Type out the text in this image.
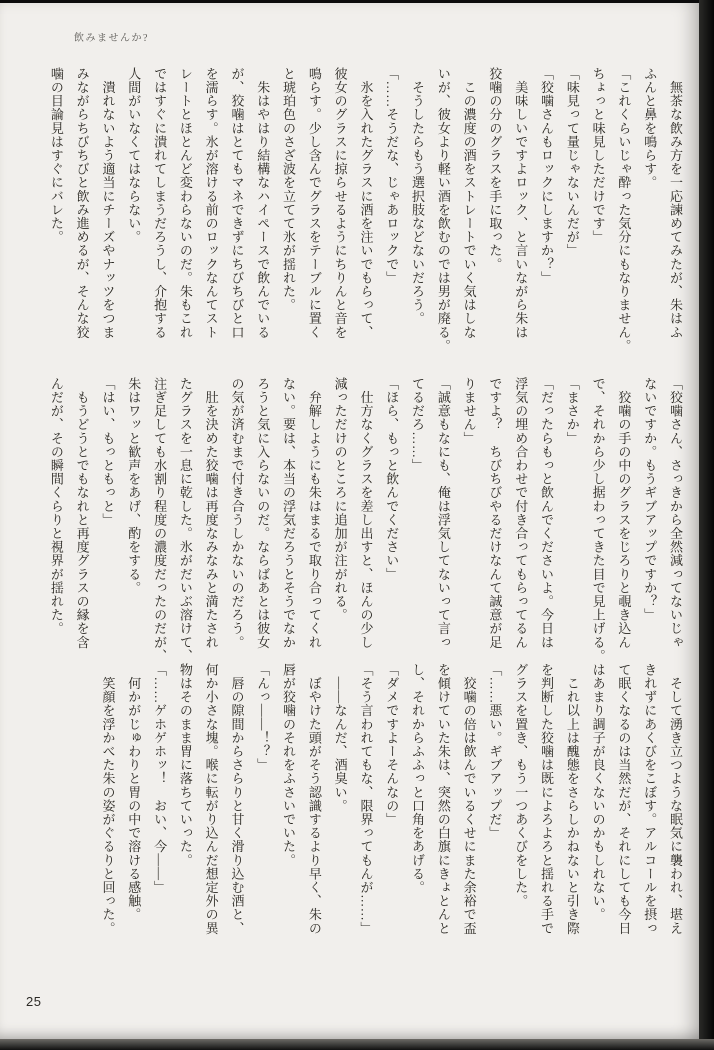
飲みませんか?

　無茶な飲み方を一応諫めてみたが、朱はふ

ふんと鼻を鳴らす。

「これくらいじゃ酔った気分にもなりません。

ちょっと味見しただけです」

「味見って量じゃないんだが」

「狡噛さんもロックにしますか？」

　美味しいですよロック、と言いながら朱は

狡噛の分のグラスを手に取った。

　この濃度の酒をストレートでいく気はしな

いが、彼女より軽い酒を飲むのでは男が廃る。

　そうしたらもう選択肢などないだろう。

「……そうだな、じゃあロックで」

　氷を入れたグラスに酒を注いでもらって、

彼女のグラスに掠らせるようにちりんと音を

鳴らす。少し含んでグラスをテーブルに置く

と琥珀色のさざ波を立てて氷が揺れた。

　朱はやはり結構なハイペースで飲んでいる

が、狡噛はとてもマネできずにちびちびと口

を濡らす。氷が溶ける前のロックなんてスト

レートとほとんど変わらないのだ。朱もこれ

ではすぐに潰れてしまうだろうし、介抱する

人間がいなくてはならない。

　潰れないよう適当にチーズやナッツをつま

みながらちびちびと飲み進めるが、そんな狡

噛の目論見はすぐにバレた。

「狡噛さん、さっきから全然減ってないじゃ

ないですか。もうギブアップですか？」

　狡噛の手の中のグラスをじろりと覗き込ん

で、それから少し据わってきた目で見上げる。

「まさか」

「だったらもっと飲んでくださいよ。今日は

浮気の埋め合わせで付き合ってもらってるん

ですよ？　ちびちびやるだけなんて誠意が足

りません」

「誠意もなにも、俺は浮気してないって言っ

てるだろ……」

「ほら、もっと飲んでください」

　仕方なくグラスを差し出すと、ほんの少し

減っただけのところに追加が注がれる。

　弁解しようにも朱はまるで取り合ってくれ

ない。要は、本当の浮気だろうとそうでなか

ろうと気に入らないのだ。ならばあとは彼女

の気が済むまで付き合うしかないのだろう。

　肚を決めた狡噛は再度なみなみと満たされ

たグラスを一息に乾した。氷がだいぶ溶けて、

注ぎ足しても水割り程度の濃度だったのだが、

朱はワッと歓声をあげ、酌をする。

「はい、もっともっと」

　もうどうとでもなれと再度グラスの縁を含

んだが、その瞬間くらりと視界が揺れた。

　そして湧き立つような眠気に襲われ、堪え

きれずにあくびをこぼす。アルコールを摂っ

て眠くなるのは当然だが、それにしても今日

はあまり調子が良くないのかもしれない。

　これ以上は醜態をさらしかねないと引き際

を判断した狡噛は既によろよろと揺れる手で

グラスを置き、もう一つあくびをした。

「……悪い。ギブアップだ」

　狡噛の倍は飲んでいるくせにまた余裕で盃

を傾けていた朱は、突然の白旗にきょとんと

し、それからふふっと口角をあげる。

「ダメですよーそんなの」

「そう言われてもな、限界ってもんが……」

　――なんだ、酒臭い。

　ぼやけた頭がそう認識するより早く、朱の

唇が狡噛のそれをふさいでいた。

「んっ――！？」

　唇の隙間からさらりと甘く滑り込む酒と、

何か小さな塊。喉に転がり込んだ想定外の異

物はそのまま胃に落ちていった。

「……ゲホゲホッ！　おい、今――」

　何かがじゅわりと胃の中で溶ける感触。

　笑顔を浮かべた朱の姿がぐるりと回った。

25
